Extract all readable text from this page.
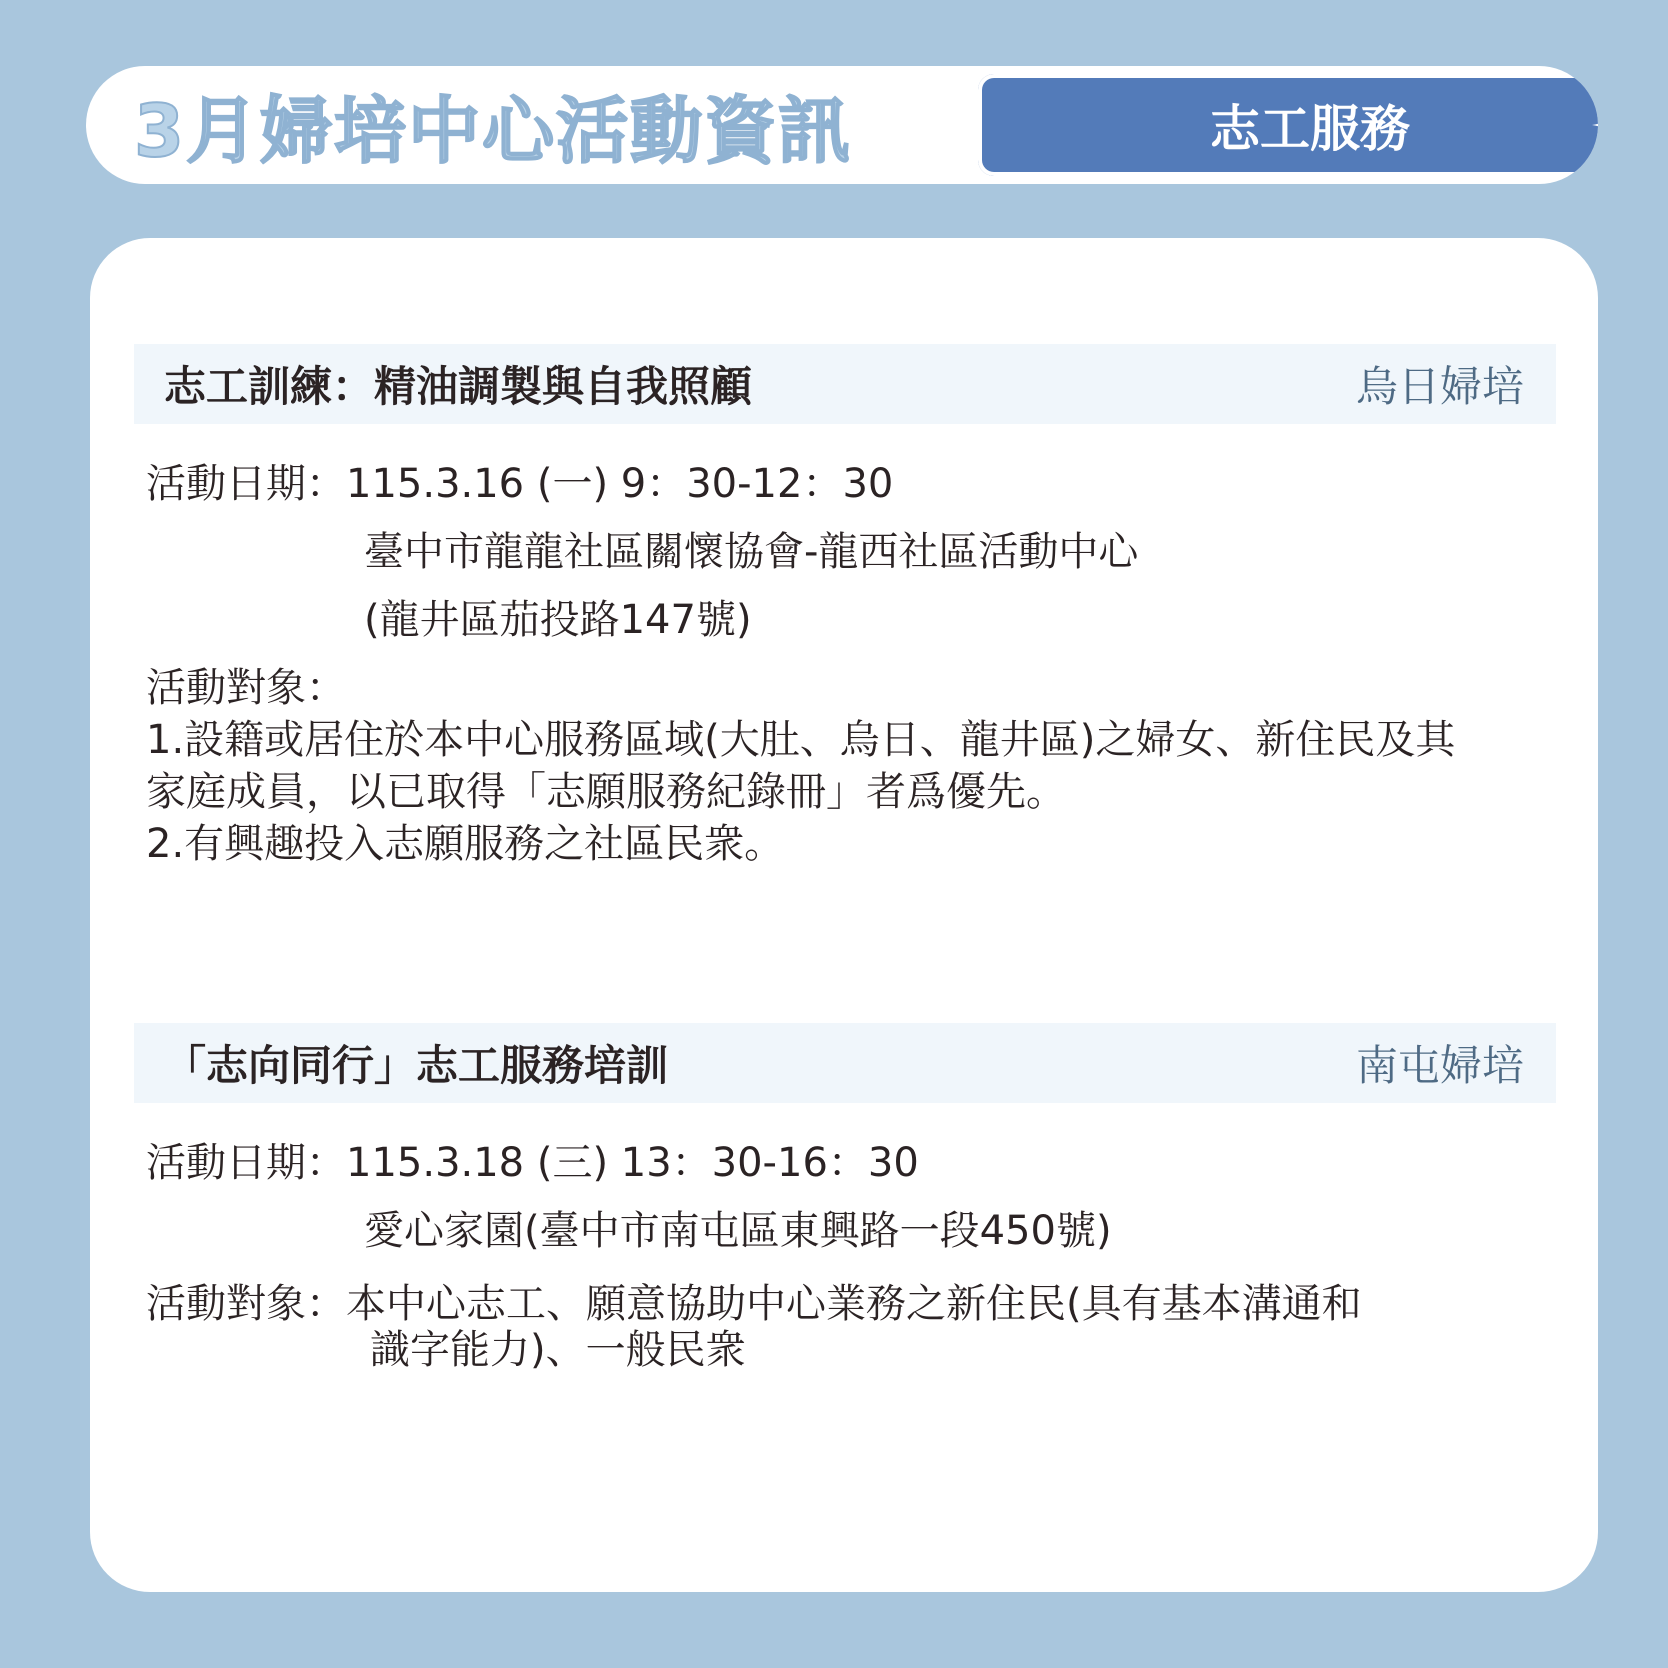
3月婦培中心活動資訊	志工服務
志工訓練：精油調製與自我照顧	烏日婦培
活動日期：115.3.16 (一) 9：30-12：30
臺中市龍龍社區關懷協會-龍西社區活動中心
(龍井區茄投路147號)
活動對象：
1.設籍或居住於本中心服務區域(大肚、烏日、龍井區)之婦女、新住民及其
家庭成員，以已取得「志願服務紀錄冊」者爲優先。
2.有興趣投入志願服務之社區民衆。
「志向同行」志工服務培訓	南屯婦培
活動日期：115.3.18 (三) 13：30-16：30
愛心家園(臺中市南屯區東興路一段450號)
活動對象：本中心志工、願意協助中心業務之新住民(具有基本溝通和
識字能力)、一般民衆
